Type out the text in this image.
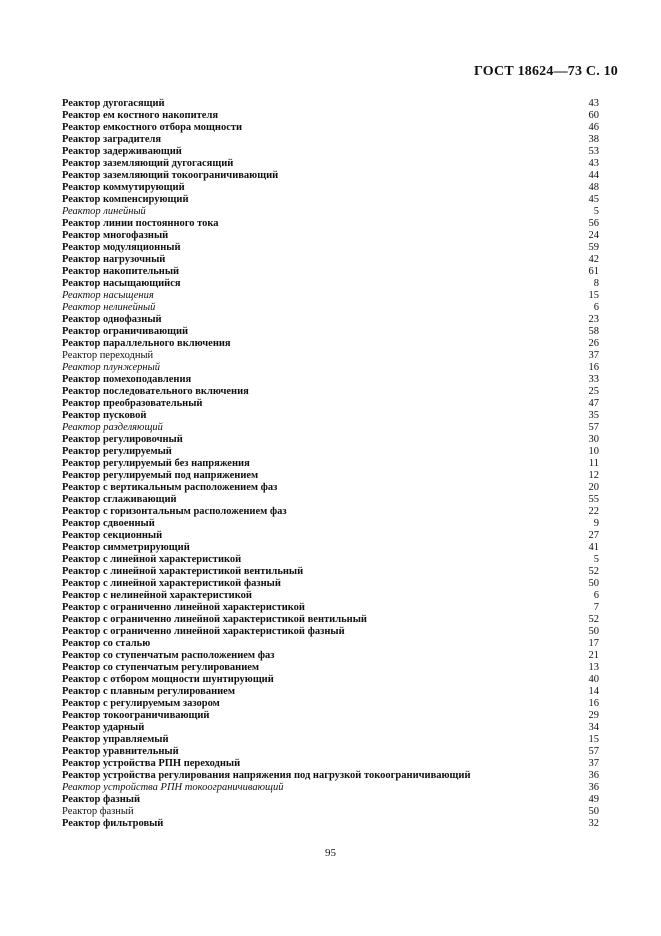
ГОСТ 18624—73 С. 10
Реактор дугогасящий	43
Реактор ем костного накопителя	60
Реактор емкостного отбора мощности	46
Реактор заградителя	38
Реактор задерживающий	53
Реактор заземляющий дугогасящий	43
Реактор заземляющий токоограничивающий	44
Реактор коммутирующий	48
Реактор компенсирующий	45
Реактор линейный	5
Реактор линии постоянного тока	56
Реактор многофазный	24
Реактор модуляционный	59
Реактор нагрузочный	42
Реактор накопительный	61
Реактор насыщающийся	8
Реактор насыщения	15
Реактор нелинейный	6
Реактор однофазный	23
Реактор ограничивающий	58
Реактор параллельного включения	26
Реактор переходный	37
Реактор плунжерный	16
Реактор помехоподавления	33
Реактор последовательного включения	25
Реактор преобразовательный	47
Реактор пусковой	35
Реактор разделяющий	57
Реактор регулировочный	30
Реактор регулируемый	10
Реактор регулируемый без напряжения	11
Реактор регулируемый под напряжением	12
Реактор с вертикальным расположением фаз	20
Реактор сглаживающий	55
Реактор с горизонтальным расположением фаз	22
Реактор сдвоенный	9
Реактор секционный	27
Реактор симметрирующий	41
Реактор с линейной характеристикой	5
Реактор с линейной характеристикой вентильный	52
Реактор с линейной характеристикой фазный	50
Реактор с нелинейной характеристикой	6
Реактор с ограниченно линейной характеристикой	7
Реактор с ограниченно линейной характеристикой вентильный	52
Реактор с ограниченно линейной характеристикой фазный	50
Реактор со сталью	17
Реактор со ступенчатым расположением фаз	21
Реактор со ступенчатым регулированием	13
Реактор с отбором мощности шунтирующий	40
Реактор с плавным регулированием	14
Реактор с регулируемым зазором	16
Реактор токоограничивающий	29
Реактор ударный	34
Реактор управляемый	15
Реактор уравнительный	57
Реактор устройства РПН переходный	37
Реактор устройства регулирования напряжения под нагрузкой токоограничивающий	36
Реактор устройства РПН токоограничивающий	36
Реактор фазный	49
Реактор фазный	50
Реактор фильтровый	32
95
